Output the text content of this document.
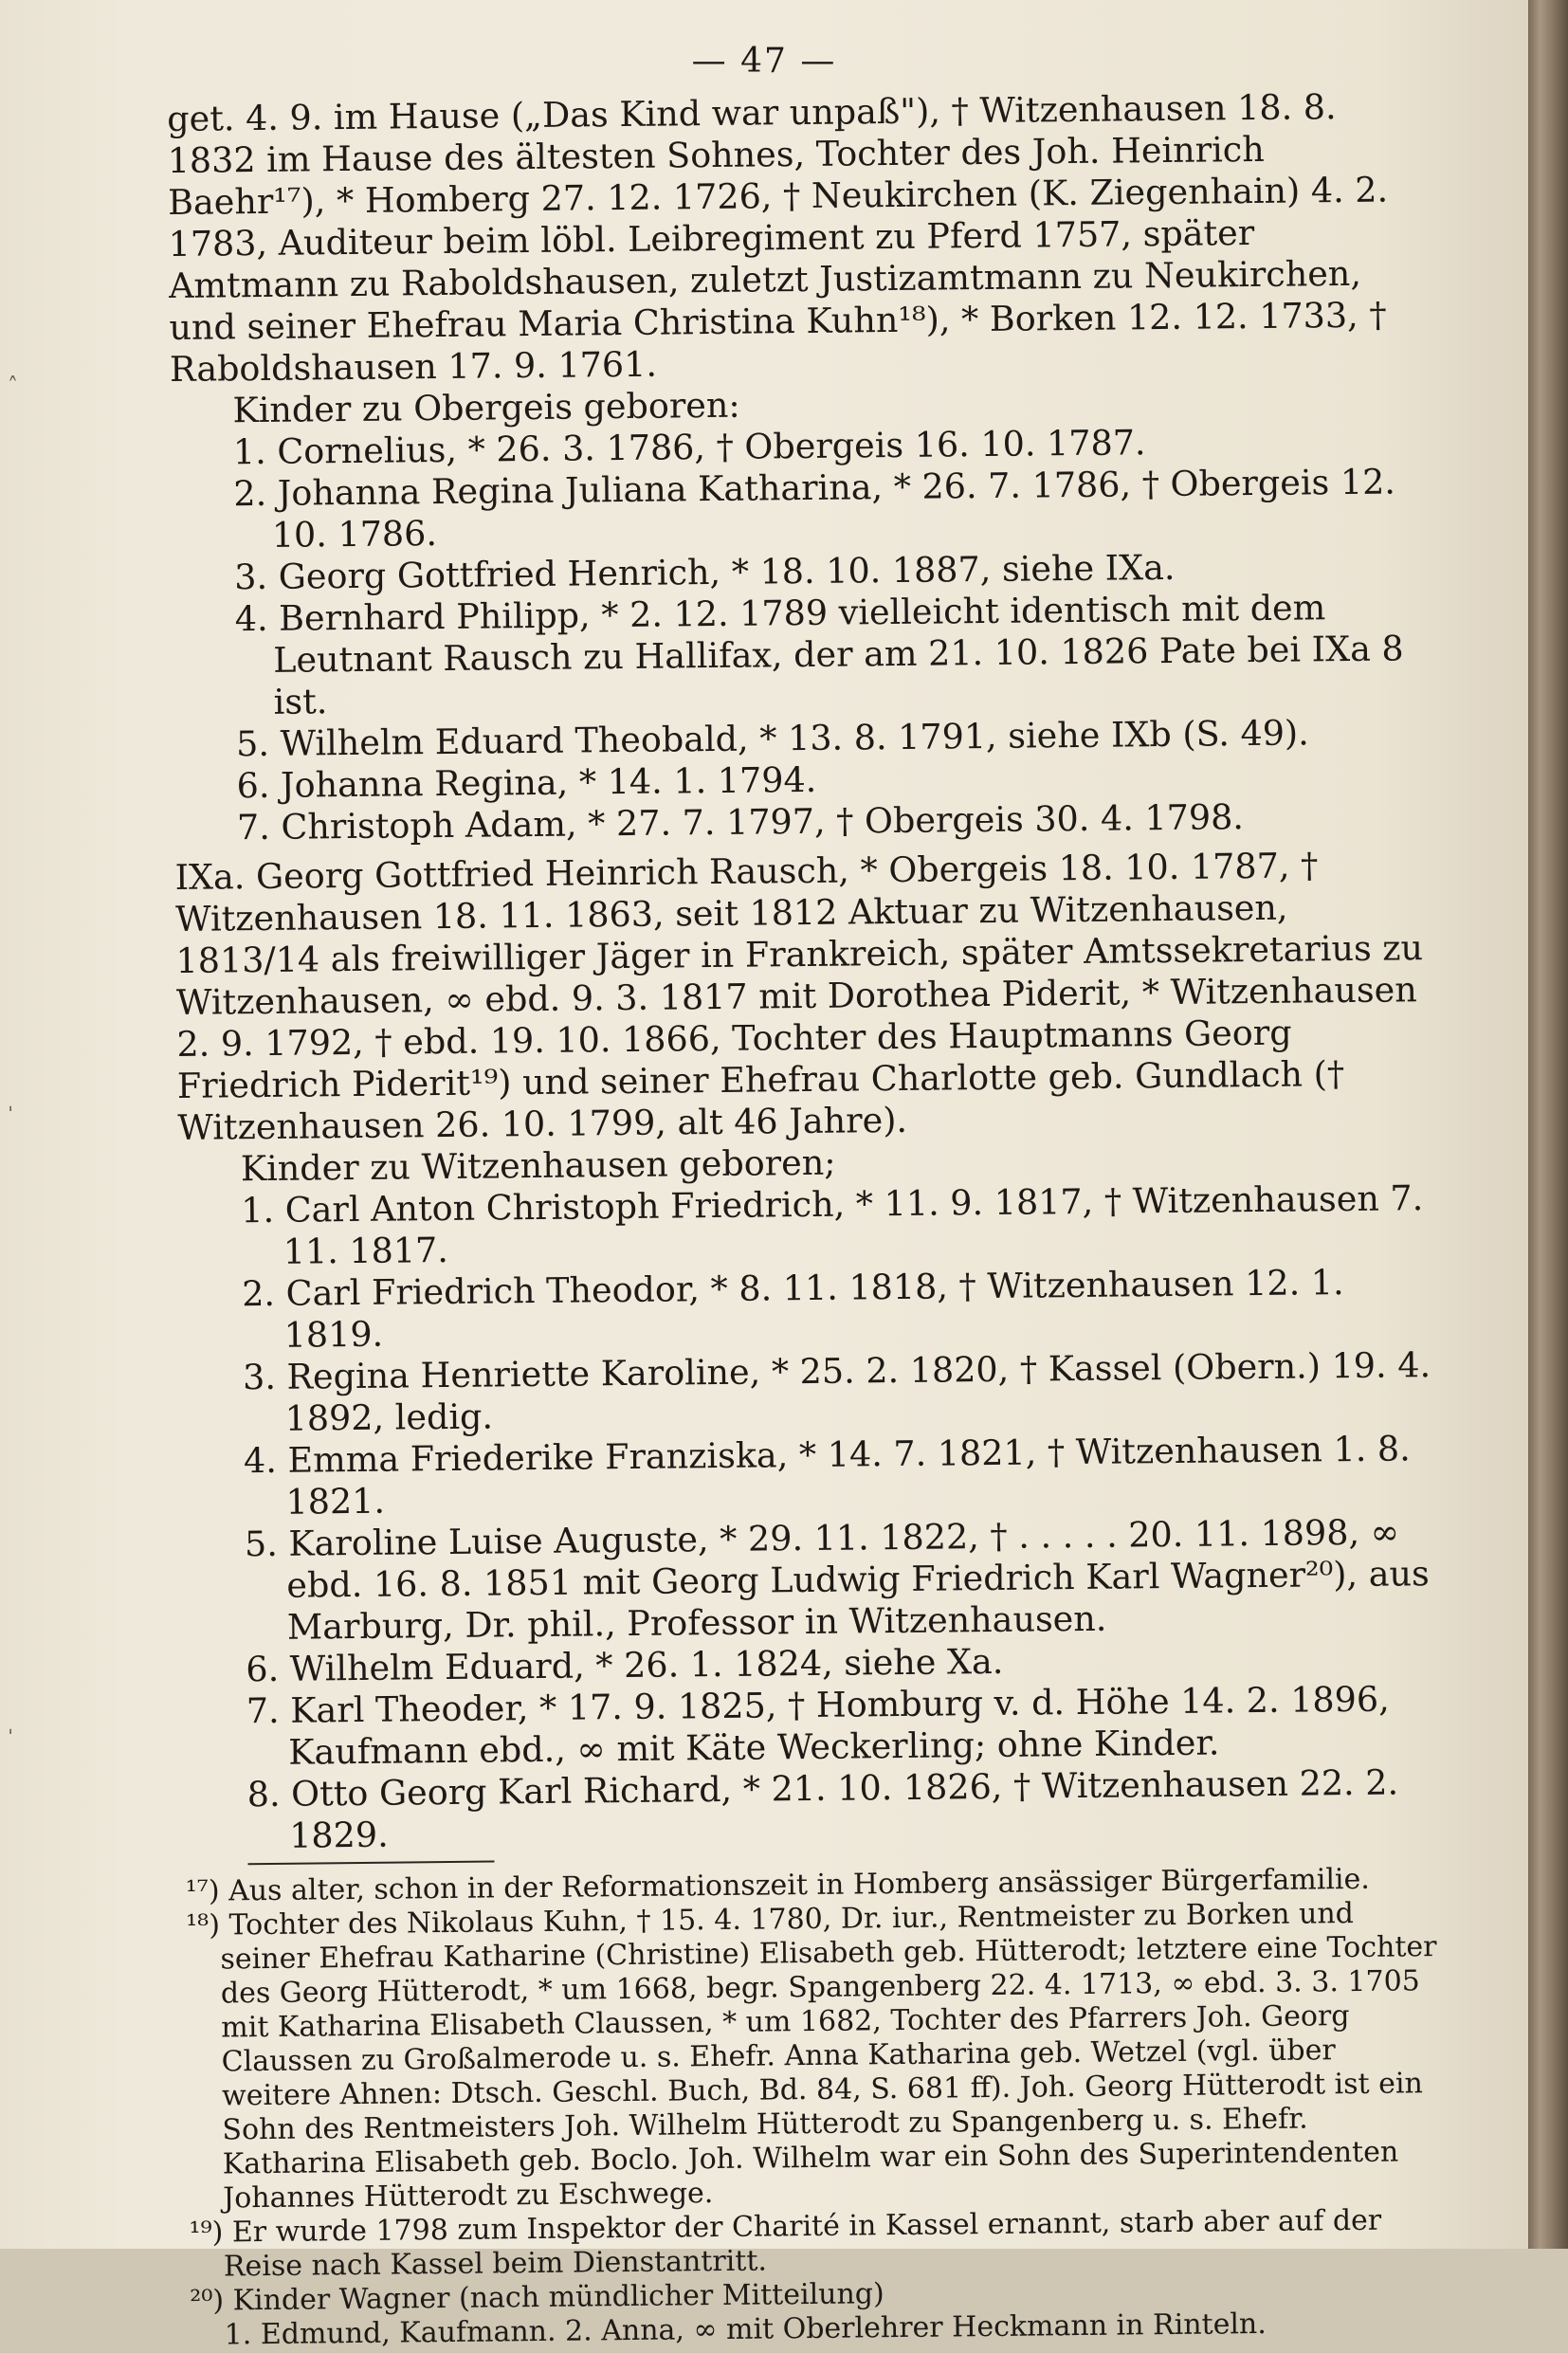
— 47 —

get. 4. 9. im Hause („Das Kind war unpaß"), † Witzenhausen 18. 8. 1832 im Hause des ältesten Sohnes, Tochter des Joh. Heinrich Baehr¹⁷), * Homberg 27. 12. 1726, † Neukirchen (K. Ziegenhain) 4. 2. 1783, Auditeur beim löbl. Leibregiment zu Pferd 1757, später Amtmann zu Raboldshausen, zuletzt Justizamtmann zu Neukirchen, und seiner Ehefrau Maria Christina Kuhn¹⁸), * Borken 12. 12. 1733, † Raboldshausen 17. 9. 1761.

Kinder zu Obergeis geboren:

1. Cornelius, * 26. 3. 1786, † Obergeis 16. 10. 1787.

2. Johanna Regina Juliana Katharina, * 26. 7. 1786, † Obergeis 12. 10. 1786.

3. Georg Gottfried Henrich, * 18. 10. 1887, siehe IXa.

4. Bernhard Philipp, * 2. 12. 1789 vielleicht identisch mit dem Leutnant Rausch zu Hallifax, der am 21. 10. 1826 Pate bei IXa 8 ist.

5. Wilhelm Eduard Theobald, * 13. 8. 1791, siehe IXb (S. 49).

6. Johanna Regina, * 14. 1. 1794.

7. Christoph Adam, * 27. 7. 1797, † Obergeis 30. 4. 1798.

IXa. Georg Gottfried Heinrich Rausch, * Obergeis 18. 10. 1787, † Witzenhausen 18. 11. 1863, seit 1812 Aktuar zu Witzenhausen, 1813/14 als freiwilliger Jäger in Frankreich, später Amtssekretarius zu Witzenhausen, ∞ ebd. 9. 3. 1817 mit Dorothea Piderit, * Witzenhausen 2. 9. 1792, † ebd. 19. 10. 1866, Tochter des Hauptmanns Georg Friedrich Piderit¹⁹) und seiner Ehefrau Charlotte geb. Gundlach († Witzenhausen 26. 10. 1799, alt 46 Jahre).

Kinder zu Witzenhausen geboren;

1. Carl Anton Christoph Friedrich, * 11. 9. 1817, † Witzenhausen 7. 11. 1817.

2. Carl Friedrich Theodor, * 8. 11. 1818, † Witzenhausen 12. 1. 1819.

3. Regina Henriette Karoline, * 25. 2. 1820, † Kassel (Obern.) 19. 4. 1892, ledig.

4. Emma Friederike Franziska, * 14. 7. 1821, † Witzenhausen 1. 8. 1821.

5. Karoline Luise Auguste, * 29. 11. 1822, † . . . . . 20. 11. 1898, ∞ ebd. 16. 8. 1851 mit Georg Ludwig Friedrich Karl Wagner²⁰), aus Marburg, Dr. phil., Professor in Witzenhausen.

6. Wilhelm Eduard, * 26. 1. 1824, siehe Xa.

7. Karl Theoder, * 17. 9. 1825, † Homburg v. d. Höhe 14. 2. 1896, Kaufmann ebd., ∞ mit Käte Weckerling; ohne Kinder.

8. Otto Georg Karl Richard, * 21. 10. 1826, † Witzenhausen 22. 2. 1829.

¹⁷) Aus alter, schon in der Reformationszeit in Homberg ansässiger Bürgerfamilie.

¹⁸) Tochter des Nikolaus Kuhn, † 15. 4. 1780, Dr. iur., Rentmeister zu Borken und seiner Ehefrau Katharine (Christine) Elisabeth geb. Hütterodt; letztere eine Tochter des Georg Hütterodt, * um 1668, begr. Spangenberg 22. 4. 1713, ∞ ebd. 3. 3. 1705 mit Katharina Elisabeth Claussen, * um 1682, Tochter des Pfarrers Joh. Georg Claussen zu Großalmerode u. s. Ehefr. Anna Katharina geb. Wetzel (vgl. über weitere Ahnen: Dtsch. Geschl. Buch, Bd. 84, S. 681 ff). Joh. Georg Hütterodt ist ein Sohn des Rentmeisters Joh. Wilhelm Hütterodt zu Spangenberg u. s. Ehefr. Katharina Elisabeth geb. Boclo. Joh. Wilhelm war ein Sohn des Superintendenten Johannes Hütterodt zu Eschwege.

¹⁹) Er wurde 1798 zum Inspektor der Charité in Kassel ernannt, starb aber auf der Reise nach Kassel beim Dienstantritt.

²⁰) Kinder Wagner (nach mündlicher Mitteilung)

1. Edmund, Kaufmann. 2. Anna, ∞ mit Oberlehrer Heckmann in Rinteln.

˄
ˈ
ˈ
